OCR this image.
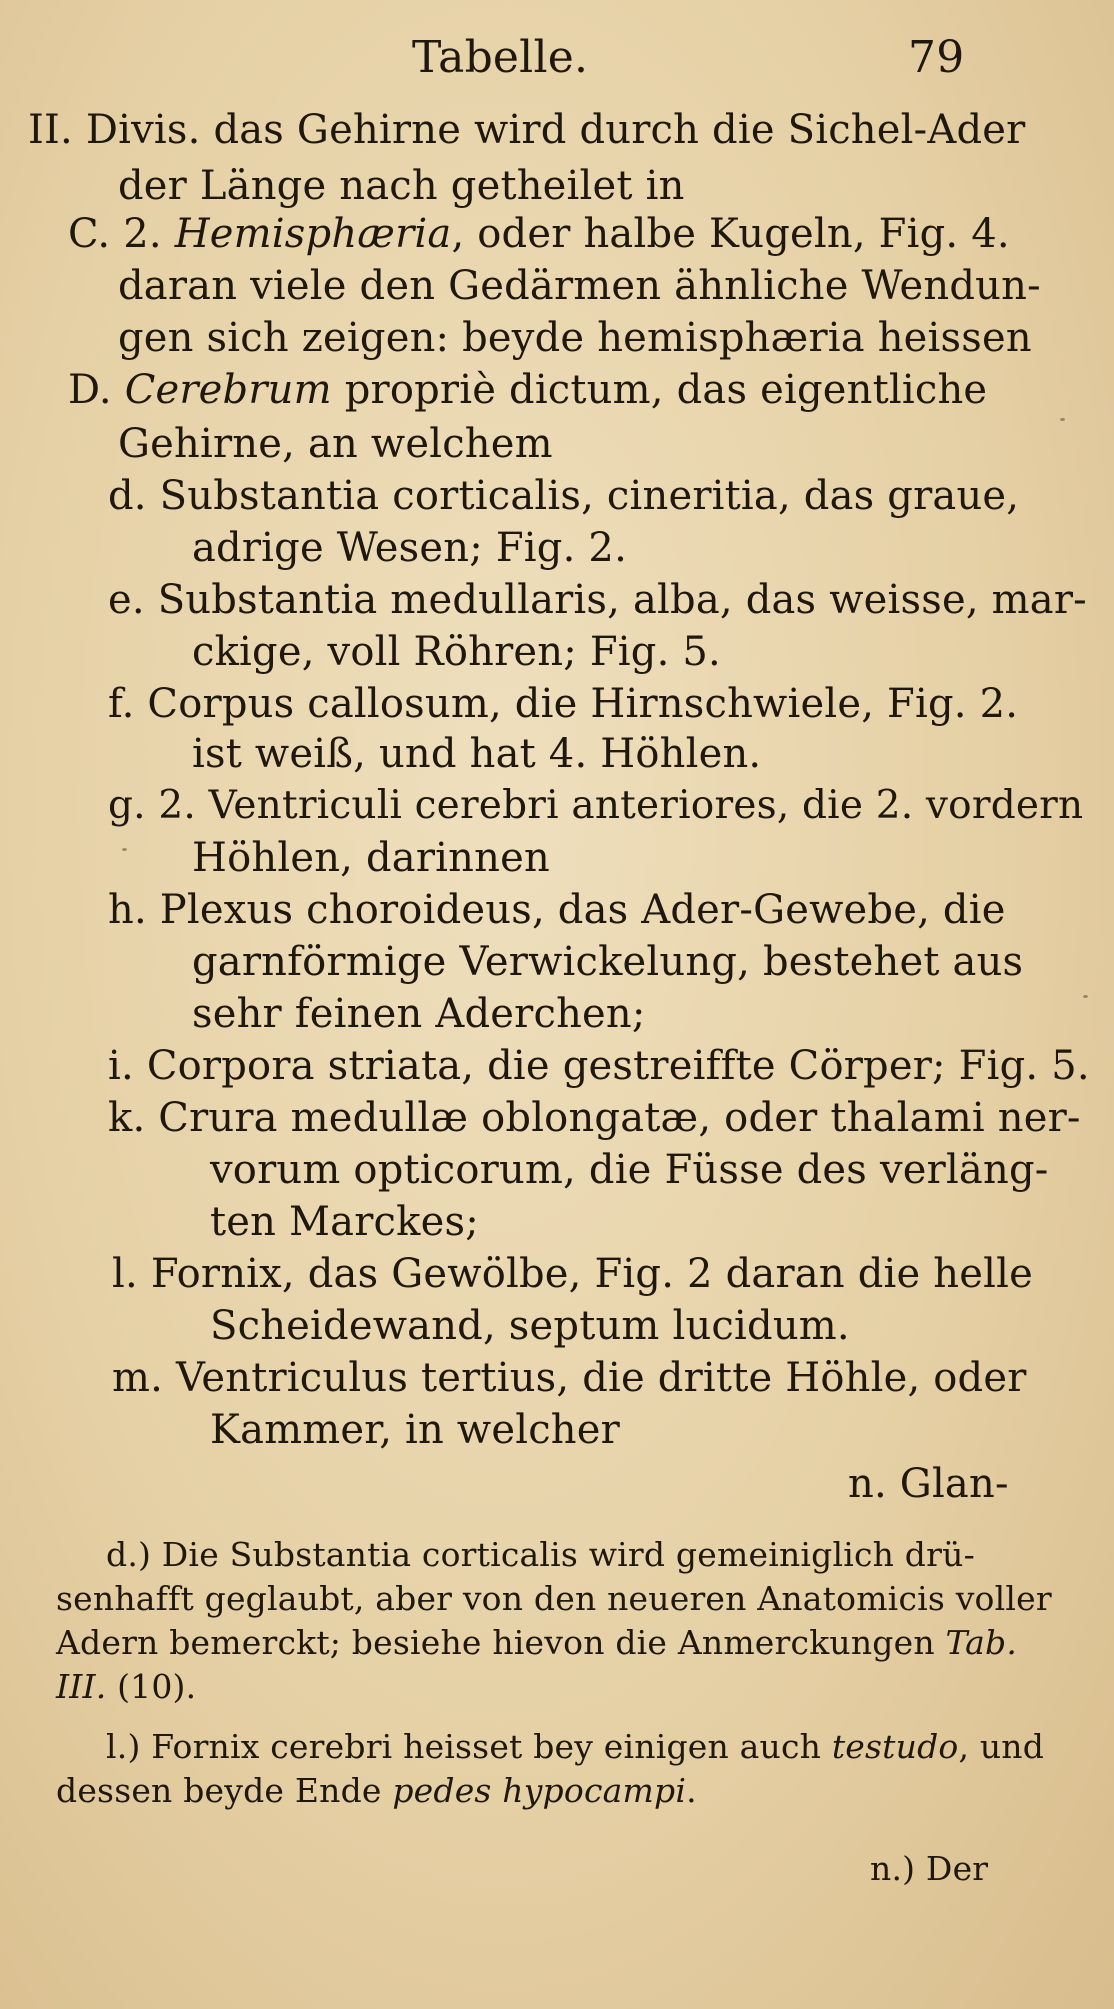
Tabelle.	79
II. Divis. das Gehirne wird durch die Sichel-Ader
der Länge nach getheilet in
C. 2. Hemisphæria, oder halbe Kugeln, Fig. 4.
daran viele den Gedärmen ähnliche Wendun-
gen sich zeigen: beyde hemisphæria heissen
D. Cerebrum propriè dictum, das eigentliche
Gehirne, an welchem
d. Substantia corticalis, cineritia, das graue,
adrige Wesen; Fig. 2.
e. Substantia medullaris, alba, das weisse, mar-
ckige, voll Röhren; Fig. 5.
f. Corpus callosum, die Hirnschwiele, Fig. 2.
ist weiß, und hat 4. Höhlen.
g. 2. Ventriculi cerebri anteriores, die 2. vordern
Höhlen, darinnen
h. Plexus choroideus, das Ader-Gewebe, die
garnförmige Verwickelung, bestehet aus
sehr feinen Aderchen;
i. Corpora striata, die gestreiffte Cörper; Fig. 5.
k. Crura medullæ oblongatæ, oder thalami ner-
vorum opticorum, die Füsse des verläng-
ten Marckes;
l. Fornix, das Gewölbe, Fig. 2 daran die helle
Scheidewand, septum lucidum.
m. Ventriculus tertius, die dritte Höhle, oder
Kammer, in welcher
n. Glan-
d.) Die Substantia corticalis wird gemeiniglich drü-
senhafft geglaubt, aber von den neueren Anatomicis voller
Adern bemerckt; besiehe hievon die Anmerckungen Tab.
III. (10).
l.) Fornix cerebri heisset bey einigen auch testudo, und
dessen beyde Ende pedes hypocampi.
n.) Der
